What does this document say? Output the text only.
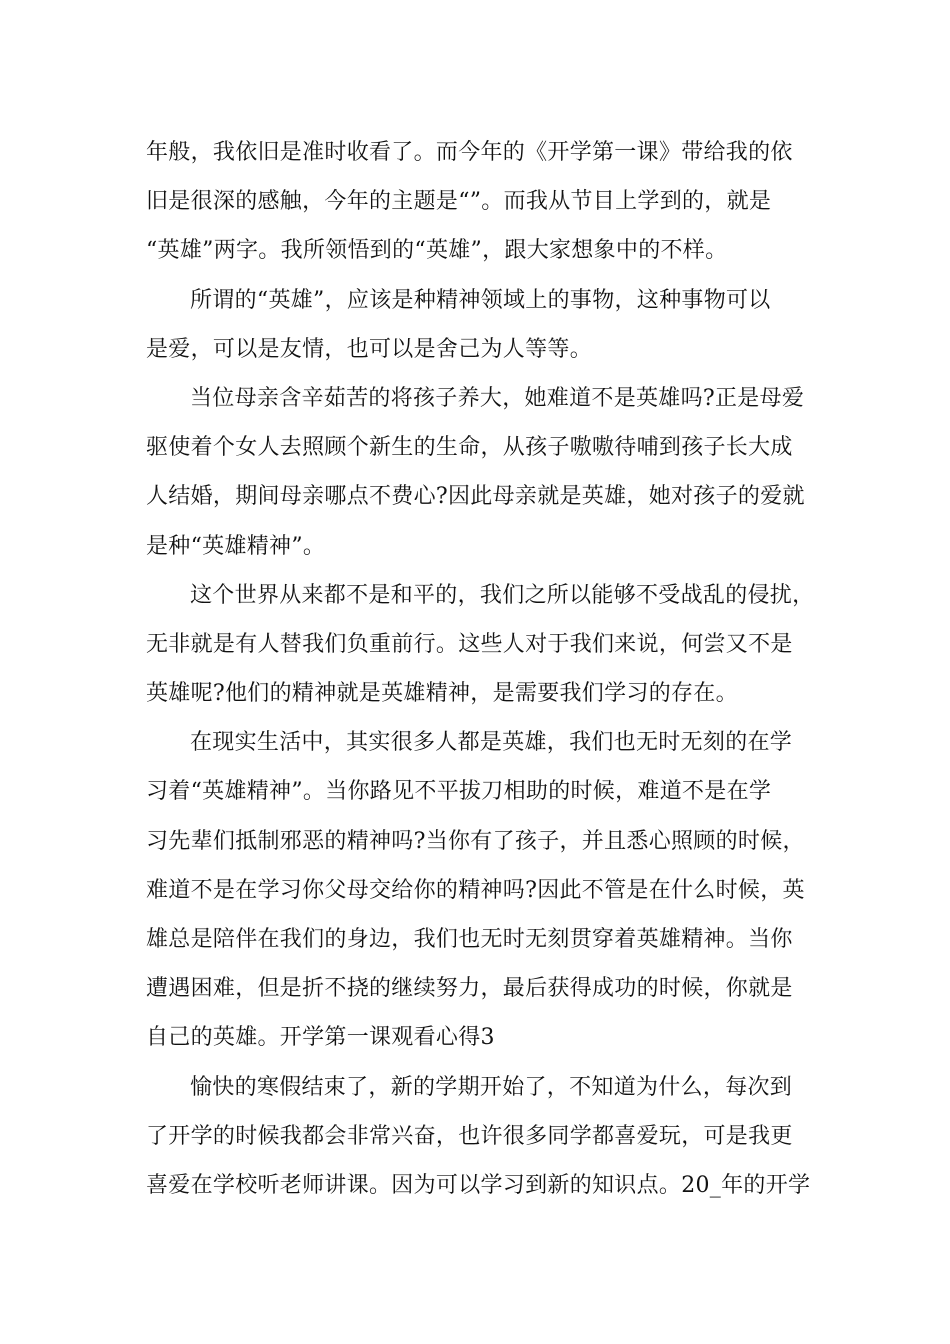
年般，我依旧是准时收看了。而今年的《开学第一课》带给我的依
旧是很深的感触，今年的主题是“”。而我从节目上学到的，就是
“英雄”两字。我所领悟到的“英雄”，跟大家想象中的不样。
所谓的“英雄”，应该是种精神领域上的事物，这种事物可以
是爱，可以是友情，也可以是舍己为人等等。
当位母亲含辛茹苦的将孩子养大，她难道不是英雄吗?正是母爱
驱使着个女人去照顾个新生的生命，从孩子嗷嗷待哺到孩子长大成
人结婚，期间母亲哪点不费心?因此母亲就是英雄，她对孩子的爱就
是种“英雄精神”。
这个世界从来都不是和平的，我们之所以能够不受战乱的侵扰，
无非就是有人替我们负重前行。这些人对于我们来说，何尝又不是
英雄呢?他们的精神就是英雄精神，是需要我们学习的存在。
在现实生活中，其实很多人都是英雄，我们也无时无刻的在学
习着“英雄精神”。当你路见不平拔刀相助的时候，难道不是在学
习先辈们抵制邪恶的精神吗?当你有了孩子，并且悉心照顾的时候，
难道不是在学习你父母交给你的精神吗?因此不管是在什么时候，英
雄总是陪伴在我们的身边，我们也无时无刻贯穿着英雄精神。当你
遭遇困难，但是折不挠的继续努力，最后获得成功的时候，你就是
自己的英雄。开学第一课观看心得3
愉快的寒假结束了，新的学期开始了，不知道为什么，每次到
了开学的时候我都会非常兴奋，也许很多同学都喜爱玩，可是我更
喜爱在学校听老师讲课。因为可以学习到新的知识点。20_年的开学
